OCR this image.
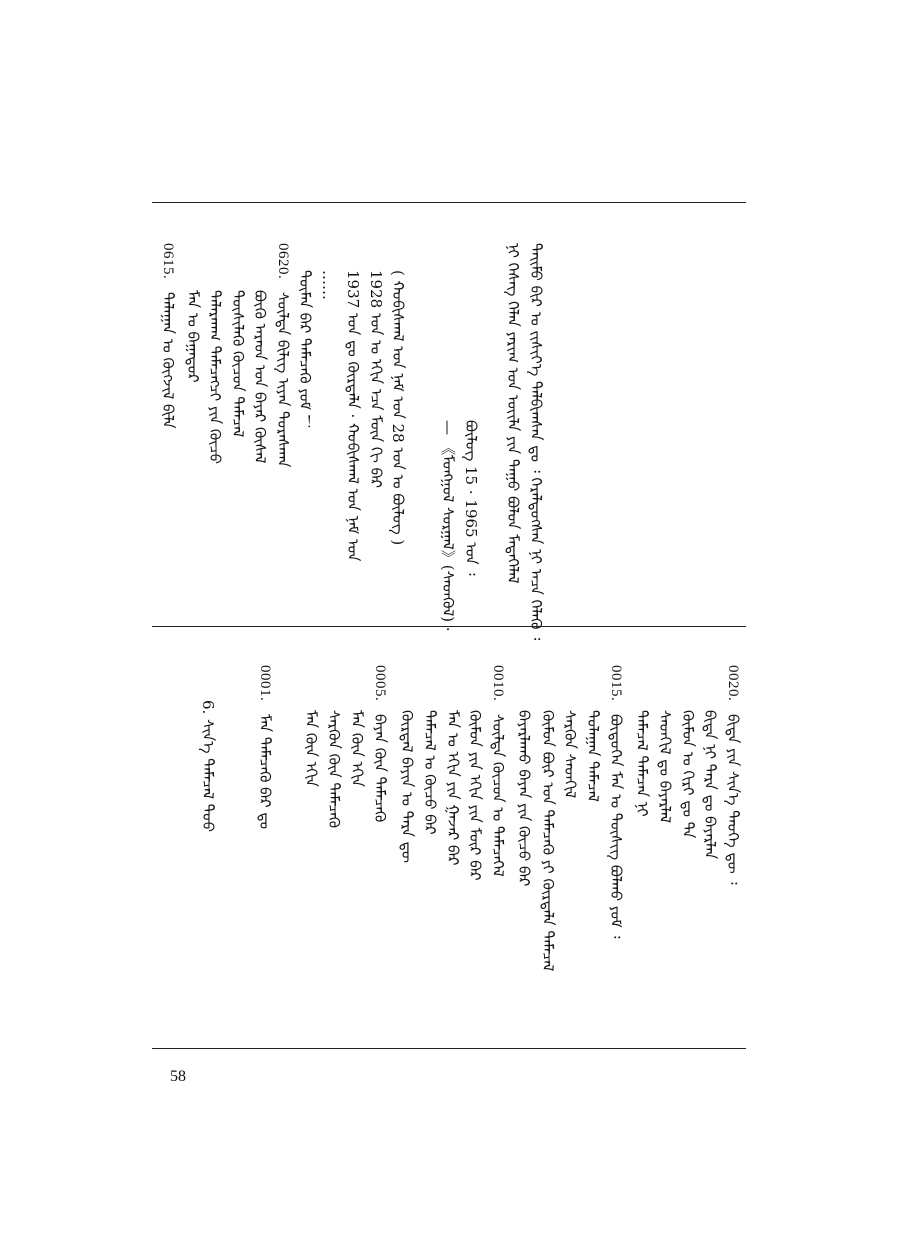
ᠲᠡᠢᠮᠦ ᠪᠢᠷ ᠤ ᠵᠢᠰᠢᠶ᠎ᠡ ᠲᠠᠯᠪᠢᠭᠰᠠᠨ ᠳᠤ ᠄ ᠭᠡᠷᠡᠯᠲᠦᠭᠰᠡᠨ ᠨᠢ ᠠᠴᠠ ᠬᠡᠯᠡᠬᠦ ᠄
ᠨᠢ ᠬᠡᠰᠡᠭ ᠬᠡᠯᠡᠨ ᠶᠠᠷᠢᠭ ᠤᠨ ᠦᠢᠯᠡ ᠶᠢᠨ ᠳᠠᠭᠤ ᠪᠣᠯᠤᠨ ᠮᠡᠳᠡᠭᠡᠯᠡᠯ
ᠪᠦᠯᠦᠭ 15 · 1965 ᠣᠨ ᠄
— 《ᠮᠣᠩᠭᠣᠯ ᠰᠤᠷᠭᠠᠯ》(ᠰᠡᠳᠭᠦᠯ) ·
( ᠬᠤᠪᠢᠰᠬᠠᠯ ᠤᠨ ᠨᠠᠮ ᠤᠨ 28 ᠣᠨ ᠤ ᠪᠦᠯᠦᠭ )
1928 ᠣᠨ ᠤ ᠡᠬᠢᠨ ᠡᠴᠡ ᠮᠥᠨ ᠬᠢ ᠪᠠᠷ
1937 ᠣᠨ ᠳᠤ ᠬᠦᠷᠲᠡᠯᠡ · ᠬᠤᠪᠢᠰᠬᠠᠯ ᠤᠨ ᠨᠠᠮ ᠤᠨ
……
ᠲᠦᠮᠡᠨ ᠪᠠᠷ ᠲᠡᠮᠡᠴᠡᠬᠦ ᠶᠤᠮ ！
0620. ᠰᠦᠯᠳᠡ ᠪᠢᠯᠢᠭ ᠢᠶᠡᠨ ᠳᠤᠷᠠᠰᠭᠠᠨ
ᠪᠦᠬᠦ ᠠᠷᠠᠳ ᠤᠨ ᠪᠠᠶᠠᠷ ᠬᠦᠰᠡᠯ
ᠲᠦᠰᠢᠯᠡᠬᠦ ᠬᠦᠴᠦᠨ ᠲᠡᠮᠡᠴᠡᠯ
ᠲᠠᠯᠠᠷᠬᠠᠭ ᠲᠡᠮᠡᠴᠡᠭᠴᠢ ᠶᠢᠨ ᠬᠦᠴᠦ
ᠮᠠᠨ ᠤ ᠪᠠᠭᠠᠲᠤᠷ
0615. ᠲᠠᠯᠠᠭᠠᠨ ᠤ ᠬᠥᠭᠵᠢᠯ ᠪᠢᠯᠡ
0020. ᠪᠢᠳᠡ ᠶᠢᠨ ᠰᠢᠨ᠎ᠡ ᠲᠡᠦᠬᠡ ᠳᠦ ᠄
ᠪᠢᠳᠡ ᠨᠢ ᠲᠡᠷᠡ ᠳᠤ ᠪᠠᠶᠠᠷᠯᠠᠨ
ᠬᠦᠮᠦᠨ ᠤ ᠬᠢᠷᠢ ᠳᠤ ᠲᠡ
ᠰᠡᠳᠬᠢᠯ ᠳᠤ ᠪᠠᠶᠠᠷᠯᠠᠯ
ᠲᠡᠮᠡᠴᠡᠯ ᠲᠡᠮᠡᠴᠡᠨ ᠨᠢ
0015. ᠪᠦᠲᠦᠭᠡᠨ ᠮᠠᠨ ᠤ ᠲᠦᠰᠢᠭ ᠪᠣᠯᠬᠤ ᠶᠤᠮ ᠄
ᠳᠤᠯᠠᠭᠠᠨ ᠲᠡᠮᠡᠴᠡᠯ
ᠰᠡᠷᠭᠦᠨ ᠰᠡᠳᠬᠢᠯ
ᠬᠦᠮᠦᠨ ᠪᠦᠷ ᠤᠨ ᠲᠡᠮᠡᠴᠡᠬᠦ ᠶᠢ ᠬᠦᠷᠲᠡᠯᠡ ᠲᠡᠮᠡᠴᠡᠯ
ᠪᠠᠶᠠᠷᠯᠠᠬᠤ ᠪᠠᠶᠠᠨ ᠶᠢᠨ ᠬᠦᠴᠦ ᠪᠠᠷ
0010. ᠰᠦᠯᠳᠡ ᠬᠦᠴᠦᠨ ᠤ ᠲᠡᠮᠡᠴᠡᠭᠡᠯ
ᠬᠦᠮᠦᠨ ᠶᠢᠨ ᠡᠬᠢᠨ ᠶᠢᠨ ᠮᠥᠷ ᠪᠠᠷ
ᠮᠠᠨ ᠤ ᠡᠬᠢᠨ ᠶᠢᠨ ᠭᠠᠵᠠᠷ ᠪᠠᠷ
ᠲᠡᠮᠡᠴᠡᠯ ᠤ ᠬᠦᠴᠦ ᠪᠠᠷ
ᠬᠦᠷᠲᠡᠯ ᠪᠠᠶᠢᠨ ᠤ ᠲᠡᠷᠡ ᠳᠦ
0005. ᠪᠠᠶᠠᠨ ᠬᠦᠨ ᠲᠡᠮᠡᠴᠡᠬᠦ
ᠮᠠᠨ ᠬᠦᠨ ᠡᠬᠢᠨ
ᠰᠡᠷᠭᠦᠨ ᠬᠦᠨ ᠲᠡᠮᠡᠴᠡᠬᠦ
ᠮᠠᠨ ᠬᠦᠨ ᠡᠬᠢᠨ
0001. ᠮᠠᠨ ᠲᠡᠮᠡᠴᠡᠬᠦ ᠪᠠᠷ ᠳᠤ
6. ᠰᠢᠨ᠎ᠡ ᠲᠡᠮᠡᠴᠡᠯ ᠳᠤᠤ
58
